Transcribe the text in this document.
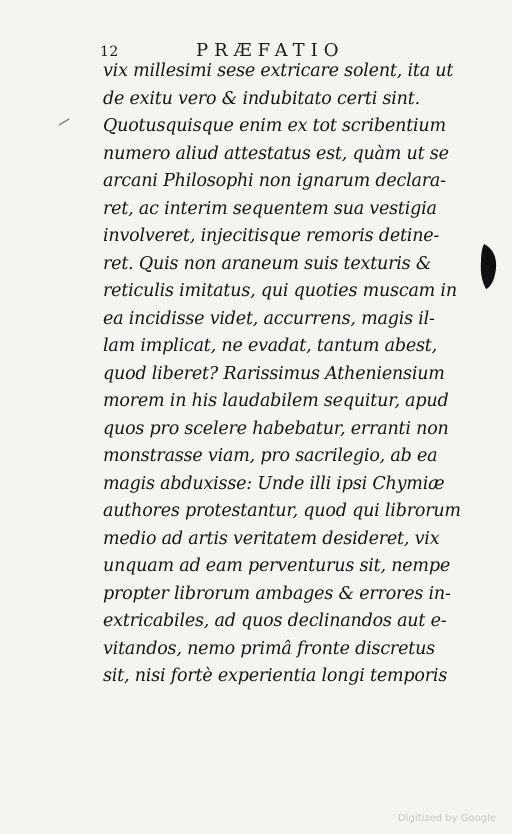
12	PRÆFATIO
vix millesimi sese extricare solent, ita ut
de exitu vero & indubitato certi sint.
Quotusquisque enim ex tot scribentium
numero aliud attestatus est, quàm ut se
arcani Philosophi non ignarum declara-
ret, ac interim sequentem sua vestigia
involveret, injecitisque remoris detine-
ret. Quis non araneum suis texturis &
reticulis imitatus, qui quoties muscam in
ea incidisse videt, accurrens, magis il-
lam implicat, ne evadat, tantum abest,
quod liberet? Rarissimus Atheniensium
morem in his laudabilem sequitur, apud
quos pro scelere habebatur, erranti non
monstrasse viam, pro sacrilegio, ab ea
magis abduxisse: Unde illi ipsi Chymiæ
authores protestantur, quod qui librorum
medio ad artis veritatem desideret, vix
unquam ad eam perventurus sit, nempe
propter librorum ambages & errores in-
extricabiles, ad quos declinandos aut e-
vitandos, nemo primâ fronte discretus
sit, nisi fortè experientia longi temporis
Digitized by Google
